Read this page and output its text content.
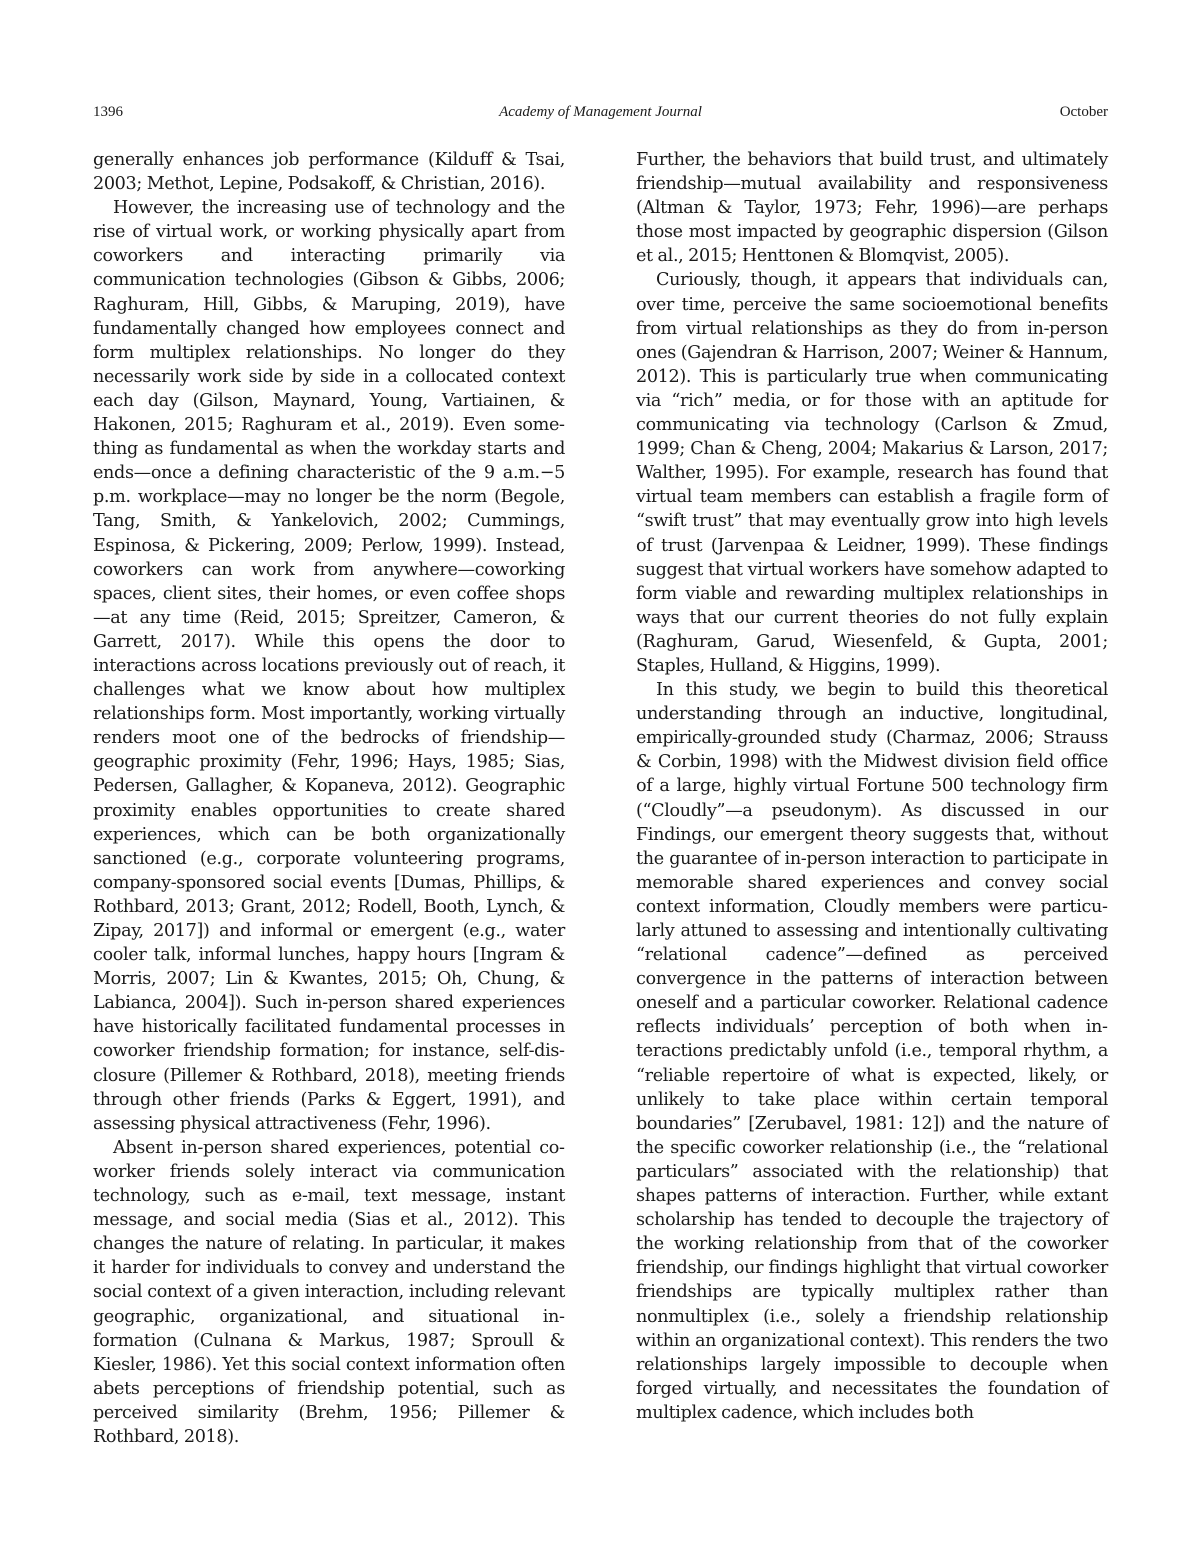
1396	Academy of Management Journal	October

generally enhances job performance (Kilduff & Tsai, 2003; Methot, Lepine, Podsakoff, & Christian, 2016).

However, the increasing use of technology and the rise of virtual work, or working physically apart from coworkers and interacting primarily via communication technologies (Gibson & Gibbs, 2006; Raghuram, Hill, Gibbs, & Maruping, 2019), have fundamentally changed how employees connect and form multiplex relationships. No longer do they necessarily work side by side in a collocated context each day (Gilson, Maynard, Young, Vartiainen, & Hakonen, 2015; Raghuram et al., 2019). Even something as fundamental as when the workday starts and ends—once a defining characteristic of the 9 a.m.−5 p.m. workplace—may no longer be the norm (Begole, Tang, Smith, & Yankelovich, 2002; Cummings, Espinosa, & Pickering, 2009; Perlow, 1999). Instead, coworkers can work from anywhere—coworking spaces, client sites, their homes, or even coffee shops—at any time (Reid, 2015; Spreitzer, Cameron, & Garrett, 2017). While this opens the door to interactions across locations previously out of reach, it challenges what we know about how multiplex relationships form. Most importantly, working virtually renders moot one of the bedrocks of friendship—geographic proximity (Fehr, 1996; Hays, 1985; Sias, Pedersen, Gallagher, & Kopaneva, 2012). Geographic proximity enables opportunities to create shared experiences, which can be both organizationally sanctioned (e.g., corporate volunteering programs, company-sponsored social events [Dumas, Phillips, & Rothbard, 2013; Grant, 2012; Rodell, Booth, Lynch, & Zipay, 2017]) and informal or emergent (e.g., water cooler talk, informal lunches, happy hours [Ingram & Morris, 2007; Lin & Kwantes, 2015; Oh, Chung, & Labianca, 2004]). Such in-person shared experiences have historically facilitated fundamental processes in coworker friendship formation; for instance, self-disclosure (Pillemer & Rothbard, 2018), meeting friends through other friends (Parks & Eggert, 1991), and assessing physical attractiveness (Fehr, 1996).

Absent in-person shared experiences, potential coworker friends solely interact via communication technology, such as e-mail, text message, instant message, and social media (Sias et al., 2012). This changes the nature of relating. In particular, it makes it harder for individuals to convey and understand the social context of a given interaction, including relevant geographic, organizational, and situational information (Culnana & Markus, 1987; Sproull & Kiesler, 1986). Yet this social context information often abets perceptions of friendship potential, such as perceived similarity (Brehm, 1956; Pillemer & Rothbard, 2018).

Further, the behaviors that build trust, and ultimately friendship—mutual availability and responsiveness (Altman & Taylor, 1973; Fehr, 1996)—are perhaps those most impacted by geographic dispersion (Gilson et al., 2015; Henttonen & Blomqvist, 2005).

Curiously, though, it appears that individuals can, over time, perceive the same socioemotional benefits from virtual relationships as they do from in-person ones (Gajendran & Harrison, 2007; Weiner & Hannum, 2012). This is particularly true when communicating via “rich” media, or for those with an aptitude for communicating via technology (Carlson & Zmud, 1999; Chan & Cheng, 2004; Makarius & Larson, 2017; Walther, 1995). For example, research has found that virtual team members can establish a fragile form of “swift trust” that may eventually grow into high levels of trust (Jarvenpaa & Leidner, 1999). These findings suggest that virtual workers have somehow adapted to form viable and rewarding multiplex relationships in ways that our current theories do not fully explain (Raghuram, Garud, Wiesenfeld, & Gupta, 2001; Staples, Hulland, & Higgins, 1999).

In this study, we begin to build this theoretical understanding through an inductive, longitudinal, empirically-grounded study (Charmaz, 2006; Strauss & Corbin, 1998) with the Midwest division field office of a large, highly virtual Fortune 500 technology firm (“Cloudly”—a pseudonym). As discussed in our Findings, our emergent theory suggests that, without the guarantee of in-person interaction to participate in memorable shared experiences and convey social context information, Cloudly members were particularly attuned to assessing and intentionally cultivating “relational cadence”—defined as perceived convergence in the patterns of interaction between oneself and a particular coworker. Relational cadence reflects individuals’ perception of both when interactions predictably unfold (i.e., temporal rhythm, a “reliable repertoire of what is expected, likely, or unlikely to take place within certain temporal boundaries” [Zerubavel, 1981: 12]) and the nature of the specific coworker relationship (i.e., the “relational particulars” associated with the relationship) that shapes patterns of interaction. Further, while extant scholarship has tended to decouple the trajectory of the working relationship from that of the coworker friendship, our findings highlight that virtual coworker friendships are typically multiplex rather than nonmultiplex (i.e., solely a friendship relationship within an organizational context). This renders the two relationships largely impossible to decouple when forged virtually, and necessitates the foundation of multiplex cadence, which includes both
